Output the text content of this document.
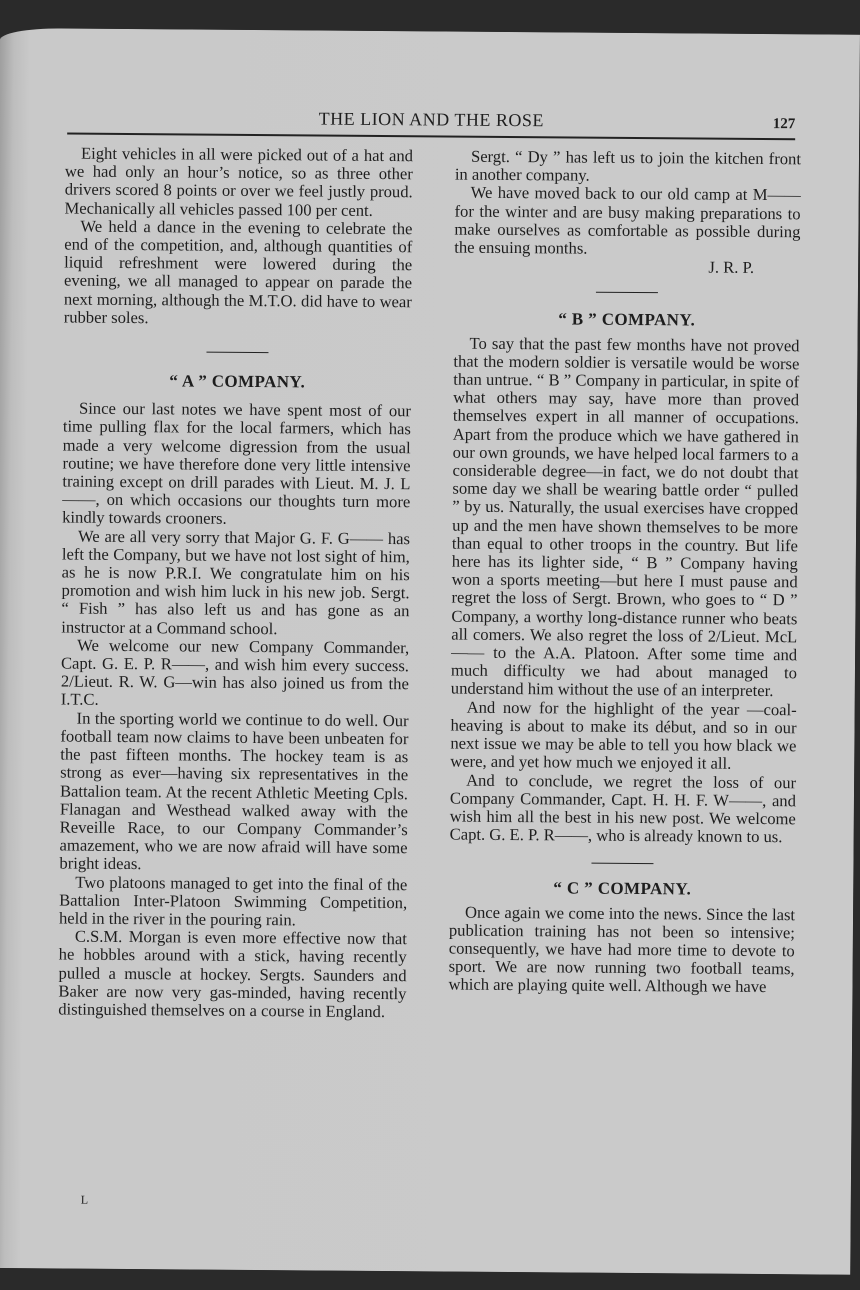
THE LION AND THE ROSE	127

Eight vehicles in all were picked out of a hat and we had only an hour’s notice, so as three other drivers scored 8 points or over we feel justly proud. Mechanically all vehicles passed 100 per cent.

We held a dance in the evening to celebrate the end of the competition, and, although quantities of liquid refreshment were lowered during the evening, we all managed to appear on parade the next morning, although the M.T.O. did have to wear rubber soles.

“ A ” COMPANY.

Since our last notes we have spent most of our time pulling flax for the local farmers, which has made a very welcome digression from the usual routine; we have therefore done very little intensive training except on drill parades with Lieut. M. J. L——, on which occasions our thoughts turn more kindly towards crooners.

We are all very sorry that Major G. F. G—— has left the Company, but we have not lost sight of him, as he is now P.R.I. We congratulate him on his promotion and wish him luck in his new job. Sergt. “ Fish ” has also left us and has gone as an instructor at a Command school.

We welcome our new Company Commander, Capt. G. E. P. R——, and wish him every success. 2/Lieut. R. W. G—win has also joined us from the I.T.C.

In the sporting world we continue to do well. Our football team now claims to have been unbeaten for the past fifteen months. The hockey team is as strong as ever—having six representatives in the Battalion team. At the recent Athletic Meeting Cpls. Flanagan and Westhead walked away with the Reveille Race, to our Company Commander’s amazement, who we are now afraid will have some bright ideas.

Two platoons managed to get into the final of the Battalion Inter-Platoon Swimming Competition, held in the river in the pouring rain.

C.S.M. Morgan is even more effective now that he hobbles around with a stick, having recently pulled a muscle at hockey. Sergts. Saunders and Baker are now very gas-minded, having recently distinguished themselves on a course in England.

L

Sergt. “ Dy ” has left us to join the kitchen front in another company.

We have moved back to our old camp at M—— for the winter and are busy making preparations to make ourselves as comfortable as possible during the ensuing months.

J. R. P.

“ B ” COMPANY.

To say that the past few months have not proved that the modern soldier is versatile would be worse than untrue. “ B ” Company in particular, in spite of what others may say, have more than proved themselves expert in all manner of occupations. Apart from the produce which we have gathered in our own grounds, we have helped local farmers to a considerable degree—in fact, we do not doubt that some day we shall be wearing battle order “ pulled ” by us. Naturally, the usual exercises have cropped up and the men have shown themselves to be more than equal to other troops in the country. But life here has its lighter side, “ B ” Company having won a sports meeting—but here I must pause and regret the loss of Sergt. Brown, who goes to “ D ” Company, a worthy long-distance runner who beats all comers. We also regret the loss of 2/Lieut. McL—— to the A.A. Platoon. After some time and much difficulty we had about managed to understand him without the use of an interpreter.

And now for the highlight of the year —coal-heaving is about to make its début, and so in our next issue we may be able to tell you how black we were, and yet how much we enjoyed it all.

And to conclude, we regret the loss of our Company Commander, Capt. H. H. F. W——, and wish him all the best in his new post. We welcome Capt. G. E. P. R——, who is already known to us.

“ C ” COMPANY.

Once again we come into the news. Since the last publication training has not been so intensive; consequently, we have had more time to devote to sport. We are now running two football teams, which are playing quite well. Although we have
